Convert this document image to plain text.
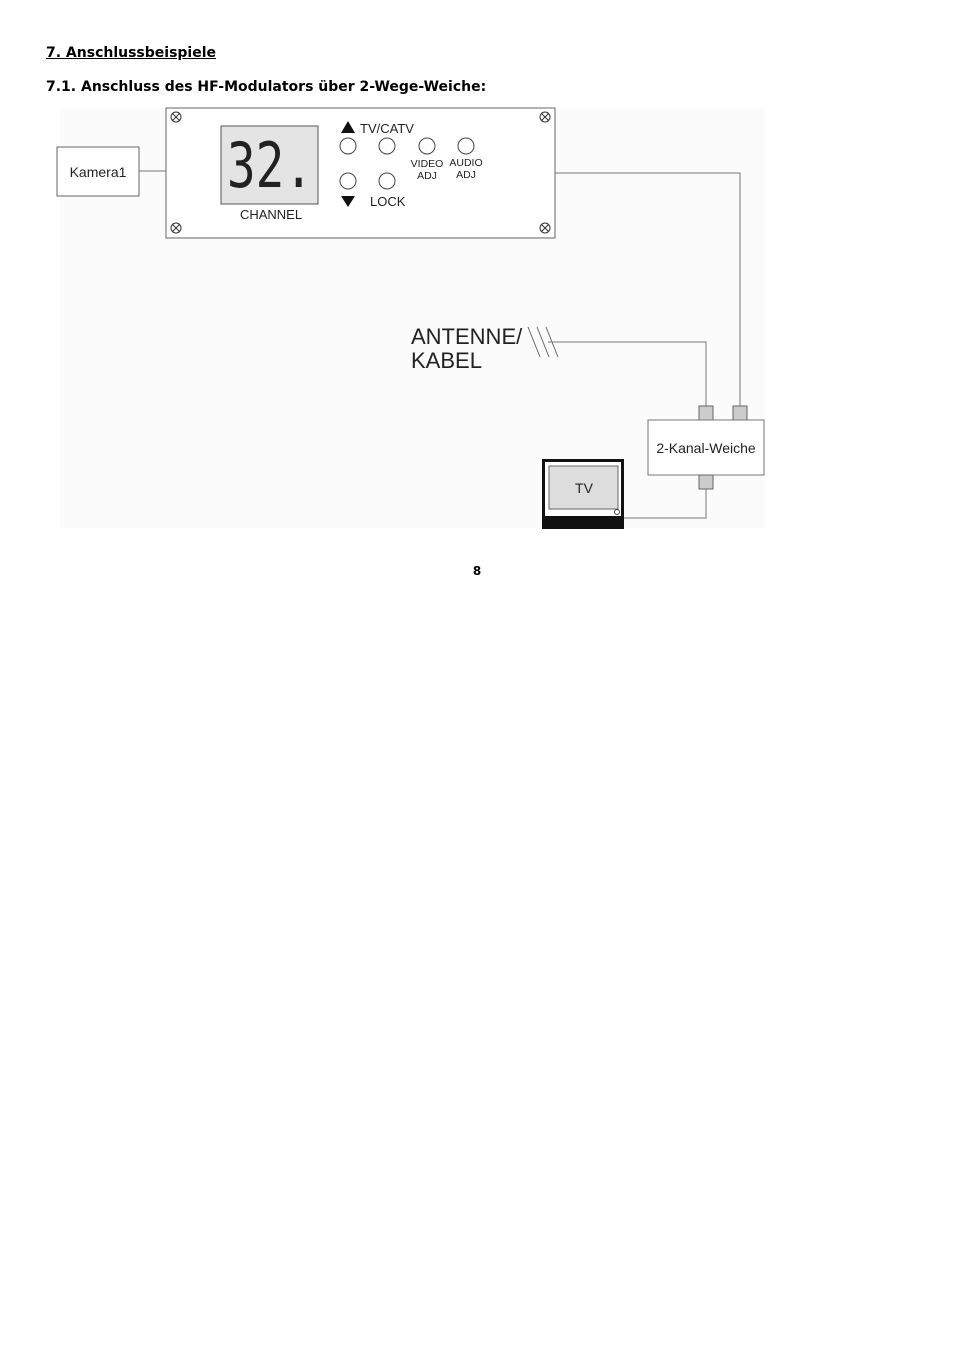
7. Anschlussbeispiele
7.1. Anschluss des HF-Modulators über 2-Wege-Weiche:
Kamera1 32.
CHANNEL
TV/CATV
VIDEO
ADJ
AUDIO
ADJ
LOCK
ANTENNE/
KABEL
2-Kanal-Weiche
TV
8
